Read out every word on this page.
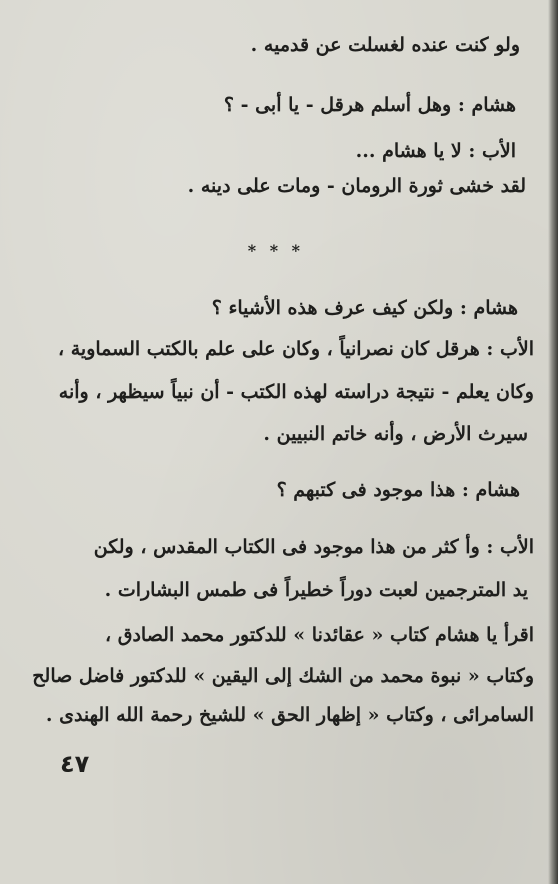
ولو كنت عنده لغسلت عن قدميه .
هشام : وهل أسلم هرقل - يا أبى - ؟
الأب : لا يا هشام ...
لقد خشى ثورة الرومان - ومات على دينه .
* * *
هشام : ولكن كيف عرف هذه الأشياء ؟
الأب : هرقل كان نصرانياً ، وكان على علم بالكتب السماوية ،
وكان يعلم - نتيجة دراسته لهذه الكتب - أن نبياً سيظهر ، وأنه
سيرث الأرض ، وأنه خاتم النبيين .
هشام : هذا موجود فى كتبهم ؟
الأب : وأ كثر من هذا موجود فى الكتاب المقدس ، ولكن
يد المترجمين لعبت دوراً خطيراً فى طمس البشارات .
اقرأ يا هشام كتاب « عقائدنا » للدكتور محمد الصادق ،
وكتاب « نبوة محمد من الشك إلى اليقين » للدكتور فاضل صالح
السامرائى ، وكتاب « إظهار الحق » للشيخ رحمة الله الهندى .
٤٧
